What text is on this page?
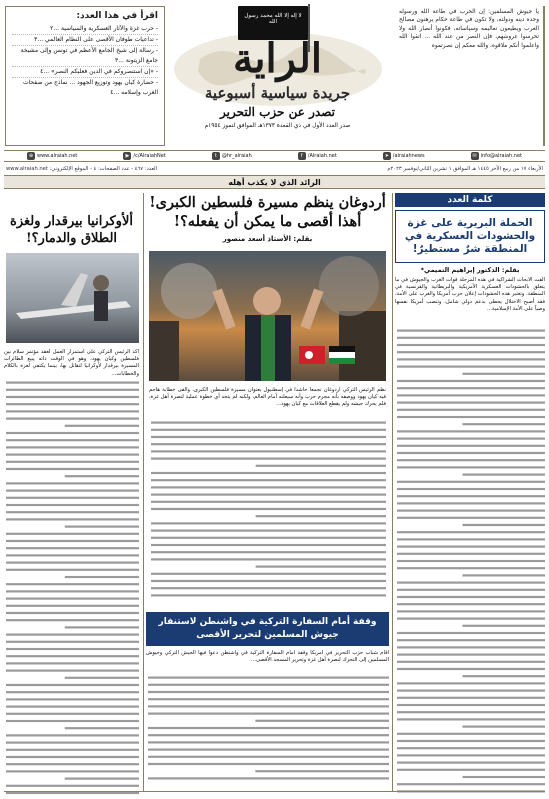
يا جيوش المسلمين: إن الحرب في طاعة الله ورسوله وحده دينه ودولته، ولا تكون في طاعة حكام يرهنون مصالح الغرب ويطيعون تعاليمه وسياساته، فكونوا أنصار الله ولا تحرسوا عروشهم، فإن النصر من عند الله ... اتقوا الله واعلموا أنكم ملاقوه، والله معكم إن نصرتموه

لا إله إلا الله محمد رسول الله
الراية
جريدة سياسية أسبوعية
تصدر عن حزب التحرير
صدر العدد الأول في ذي القعدة ١٣٧٣هـ الموافق لتموز ١٩٥٤م
اقرأ في هذا العدد:
- حرب غزة والآثار العسكرية والسياسية ...٢
- تداعيات طوفان الأقصى على النظام العالمي ...٣
- رسالة إلى شيخ الجامع الأعظم في تونس وإلى مشيخة جامع الزيتونة ...٣
- «إن استنصروكم في الدين فعليكم النصر» ...٤
- حضارة كيان يهود وتوزيع الجهود ... نماذج من صفحات الغرب وإسلامه ...٤
⊕ www.alraiah.net	▶ /c/AlraiahNet	t	@hr_alraiah	f	/Alraiah.net	➤ /alraiahnews	✉ info@alraiah.net
الأربعاء ١٧ من ربيع الآخر ١٤٤٥ هـ الموافق ١ تشرين الثاني/نوفمبر ٢٠٢٣م
العدد: ٤٦٧ - عدد الصفحات: ٤ - الموقع الإلكتروني: www.alraiah.net
الرائد الذي لا يكذب أهله
كلمة العدد
الحملة البريرية على غزة والحشودات العسكرية في المنطقة شرٌ مستطيرٌ!
بقلم: الدكتور إبراهيم التميمي*

ألقت الأبحاث الشراكية في هذه المرحلة قوات الغرب والجيوش في ما يتعلق بالحشودات العسكرية الأمريكية والبريطانية والفرنسية في المنطقة. وتعتبر هذه الحشودات إعلان حرب أمريكا والغرب على الأمة، فقد أصبح الاحتلال يحظى بدعم دولي شامل، وتنصب أمريكا نفسها وصياً على الأمة الإسلامية...

أردوغان ينظم مسيرة فلسطين الكبرى! أهذا أقصى ما يمكن أن يفعله؟!
بقلم: الأستاذ أسعد منصور

نظّم الرئيس التركي أردوغان تجمعاً حاشداً في إسطنبول بعنوان مسيرة فلسطين الكبرى، وألقى خطابة هاجم فيه كيان يهود ووصفه بأنه مجرم حرب وأنه سيعلنه أمام العالم، ولكنه لم يتخذ أي خطوة عملية لنصرة أهل غزة، فلم يحرك جيشه ولم يقطع العلاقات مع كيان يهود...

ألأوكرانيا بيرقدار ولغزة الطلاق والدمار؟!

أكد الرئيس التركي على استمرار العمل لعقد مؤتمر سلام بين فلسطين وكيان يهود، وهو في الوقت ذاته يبيع الطائرات المسيرة بيرقدار لأوكرانيا لتقاتل بها، بينما يكتفي لغزة بالكلام والخطابات...

وقفة أمام السفارة التركية في واشنطن لاستنفار جيوش المسلمين لتحرير الأقصى

أقام شباب حزب التحرير في أمريكا وقفة أمام السفارة التركية في واشنطن دعوا فيها الجيش التركي وجيوش المسلمين إلى التحرك لنصرة أهل غزة وتحرير المسجد الأقصى...
